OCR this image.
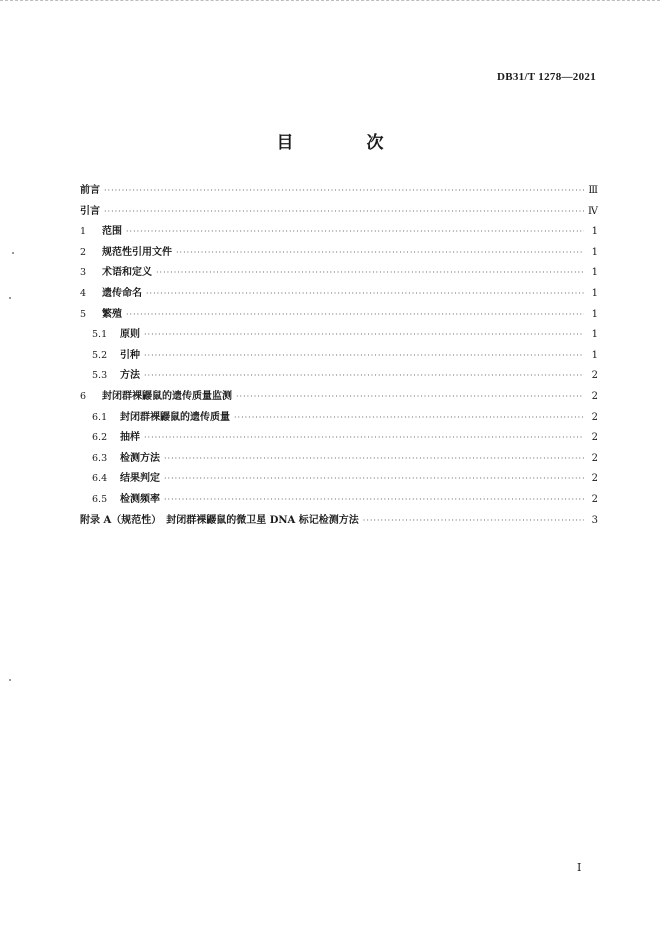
DB31/T 1278—2021
目　次
前言 ·····	Ⅲ
引言 ·····	Ⅳ
1	范围 ·····	1
2	规范性引用文件 ·····	1
3	术语和定义 ·····	1
4	遗传命名 ·····	1
5	繁殖 ·····	1
5.1	原则 ·····	1
5.2	引种 ·····	1
5.3	方法 ·····	2
6	封闭群裸鼹鼠的遗传质量监测 ·····	2
6.1	封闭群裸鼹鼠的遗传质量 ·····	2
6.2	抽样 ·····	2
6.3	检测方法 ·····	2
6.4	结果判定 ·····	2
6.5	检测频率 ·····	2
附录 A（规范性）　封闭群裸鼹鼠的微卫星 DNA 标记检测方法 ·····	3
I
